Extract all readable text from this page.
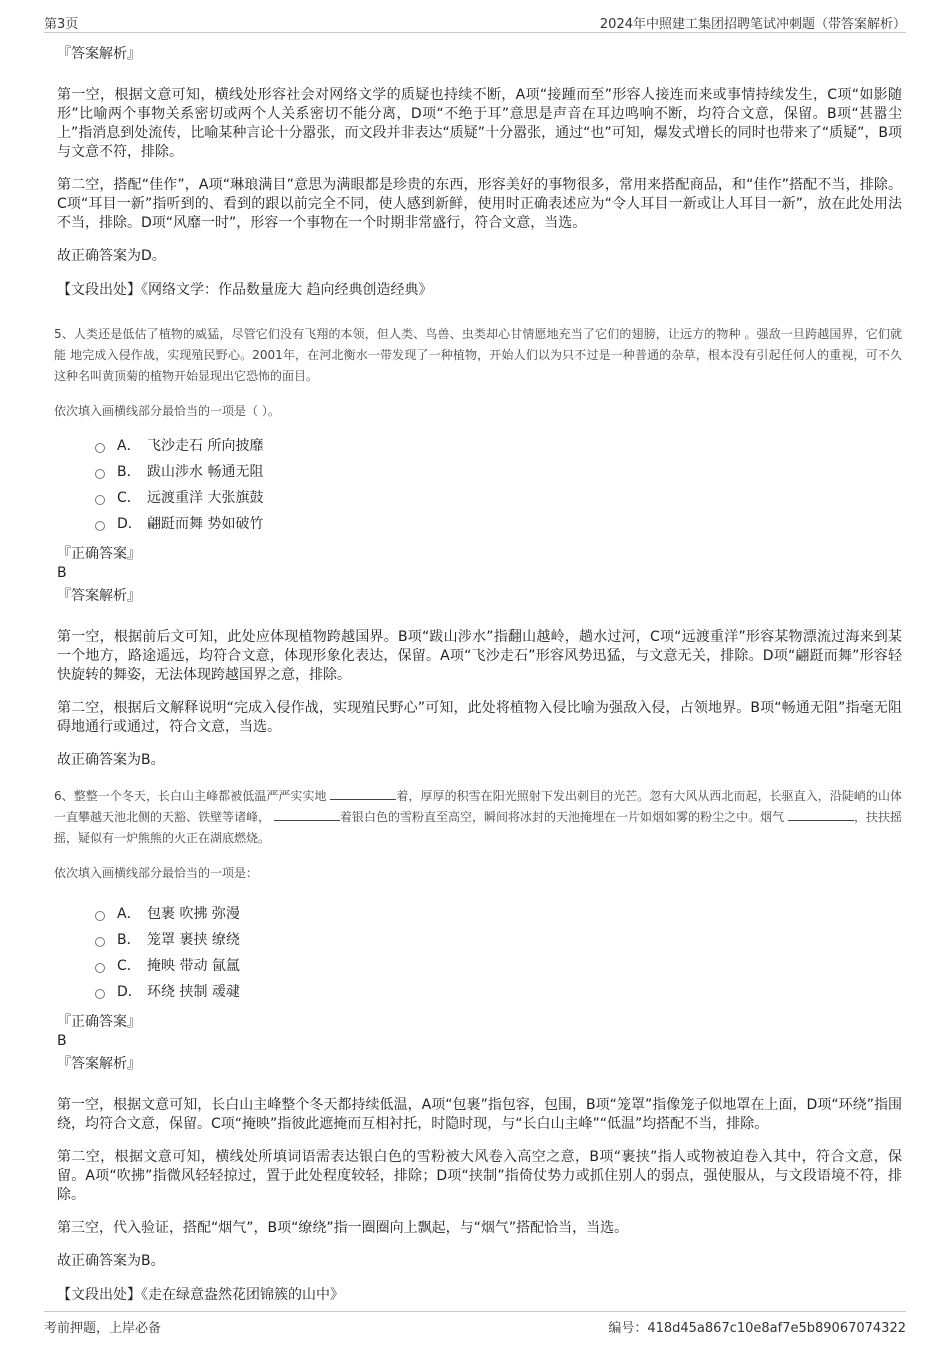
第3页	2024年中照建工集团招聘笔试冲刺题（带答案解析）

『答案解析』

第一空，根据文意可知，横线处形容社会对网络文学的质疑也持续不断，A项“接踵而至”形容人接连而来或事情持续发生，C项“如影随形”比喻两个事物关系密切或两个人关系密切不能分离，D项“不绝于耳”意思是声音在耳边鸣响不断，均符合文意，保留。B项“甚嚣尘上”指消息到处流传，比喻某种言论十分嚣张，而文段并非表达“质疑”十分嚣张，通过“也”可知，爆发式增长的同时也带来了“质疑”，B项与文意不符，排除。

第二空，搭配“佳作”，A项“琳琅满目”意思为满眼都是珍贵的东西，形容美好的事物很多，常用来搭配商品，和“佳作”搭配不当，排除。C项“耳目一新”指听到的、看到的跟以前完全不同，使人感到新鲜，使用时正确表述应为“令人耳目一新或让人耳目一新”，放在此处用法不当，排除。D项“风靡一时”，形容一个事物在一个时期非常盛行，符合文意，当选。

故正确答案为D。

【文段出处】《网络文学：作品数量庞大 趋向经典创造经典》

5、人类还是低估了植物的威猛，尽管它们没有飞翔的本领，但人类、鸟兽、虫类却心甘情愿地充当了它们的翅膀，让远方的物种 。强敌一旦跨越国界，它们就能 地完成入侵作战，实现殖民野心。2001年，在河北衡水一带发现了一种植物，开始人们以为只不过是一种普通的杂草，根本没有引起任何人的重视，可不久这种名叫黄顶菊的植物开始显现出它恐怖的面目。

依次填入画横线部分最恰当的一项是（ ）。

A． 飞沙走石 所向披靡
B． 跋山涉水 畅通无阻
C． 远渡重洋 大张旗鼓
D． 翩跹而舞 势如破竹

『正确答案』

B

『答案解析』

第一空，根据前后文可知，此处应体现植物跨越国界。B项“跋山涉水”指翻山越岭，趟水过河，C项“远渡重洋”形容某物漂流过海来到某一个地方，路途遥远，均符合文意，体现形象化表达，保留。A项“飞沙走石”形容风势迅猛，与文意无关，排除。D项“翩跹而舞”形容轻快旋转的舞姿，无法体现跨越国界之意，排除。

第二空，根据后文解释说明“完成入侵作战，实现殖民野心”可知，此处将植物入侵比喻为强敌入侵，占领地界。B项“畅通无阻”指毫无阻碍地通行或通过，符合文意，当选。

故正确答案为B。

6、整整一个冬天，长白山主峰都被低温严严实实地	着，厚厚的积雪在阳光照射下发出刺目的光芒。忽有大风从西北而起，长驱直入，沿陡峭的山体一直攀越天池北侧的天豁、铁壁等诸峰，	着银白色的雪粉直至高空，瞬间将冰封的天池掩埋在一片如烟如雾的粉尘之中。烟气	，扶扶摇摇，疑似有一炉熊熊的火正在湖底燃烧。

依次填入画横线部分最恰当的一项是：

A． 包裹 吹拂 弥漫
B． 笼罩 裹挟 缭绕
C． 掩映 带动 氤氲
D． 环绕 挟制 叆叇

『正确答案』

B

『答案解析』

第一空，根据文意可知，长白山主峰整个冬天都持续低温，A项“包裹”指包容，包围，B项“笼罩”指像笼子似地罩在上面，D项“环绕”指围绕，均符合文意，保留。C项“掩映”指彼此遮掩而互相衬托，时隐时现，与“长白山主峰”“低温”均搭配不当，排除。

第二空，根据文意可知，横线处所填词语需表达银白色的雪粉被大风卷入高空之意，B项“裹挟”指人或物被迫卷入其中，符合文意，保留。A项“吹拂”指微风轻轻掠过，置于此处程度较轻，排除；D项“挟制”指倚仗势力或抓住别人的弱点，强使服从，与文段语境不符，排除。

第三空，代入验证，搭配“烟气”，B项“缭绕”指一圈圈向上飘起，与“烟气”搭配恰当，当选。

故正确答案为B。

【文段出处】《走在绿意盎然花团锦簇的山中》

考前押题，上岸必备	编号：418d45a867c10e8af7e5b89067074322
